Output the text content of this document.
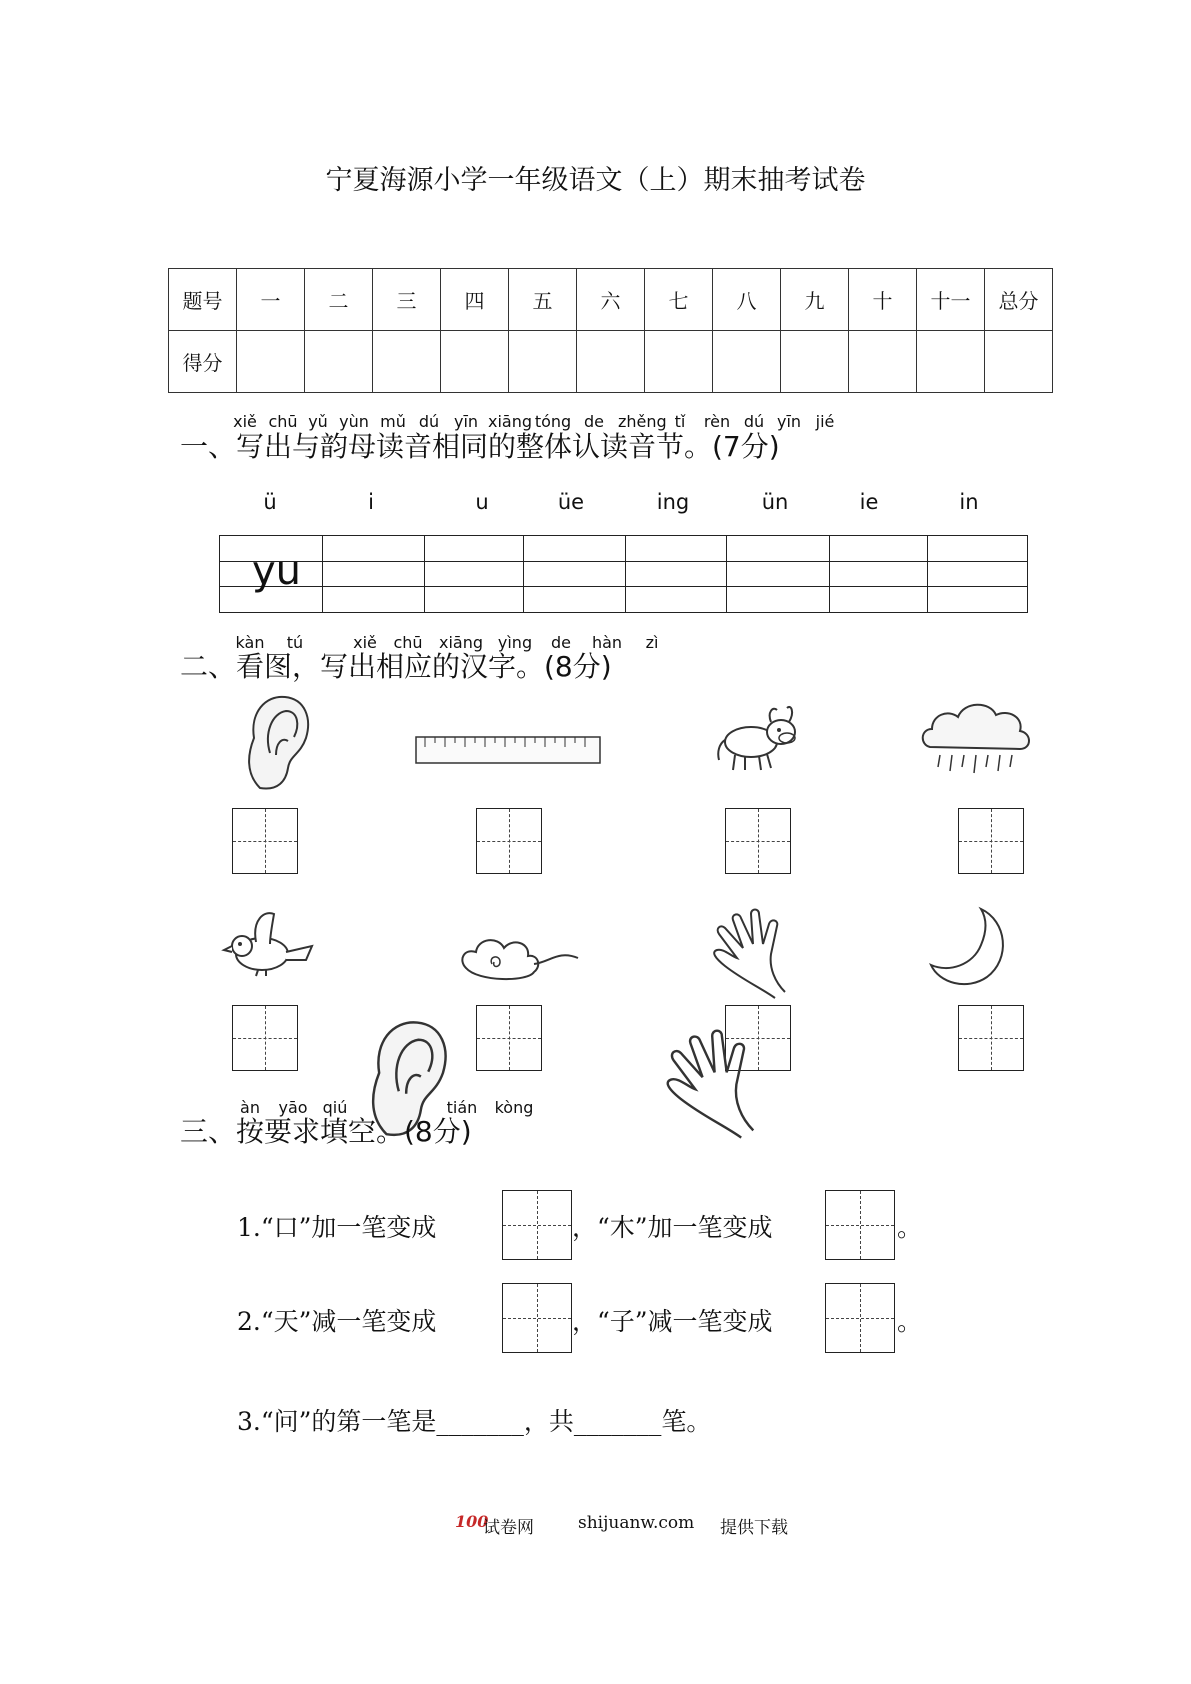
宁夏海源小学一年级语文（上）期末抽考试卷
题号	一	二	三	四	五	六	七	八	九	十	十一	总分
得分												
xiě chū yǔ yùn mǔ dú yīn xiāng tóng de zhěng tǐ	rèn dú yīn jié
一、写出与韵母读音相同的整体认读音节。(7分)
ü	i	u	üe	ing	ün	ie	in
yu
kàn	tú	xiě	chū	xiāng yìng	de	hàn	zì
二、看图，写出相应的汉字。(8分)
àn	yāo qiú	tián kòng
三、按要求填空。(8分)
1.“口”加一笔变成	，“木”加一笔变成	。
2.“天”减一笔变成	，“子”减一笔变成	。
3.“问”的第一笔是_______，共_______笔。
100
试卷网	shijuanw.com 提供下载
